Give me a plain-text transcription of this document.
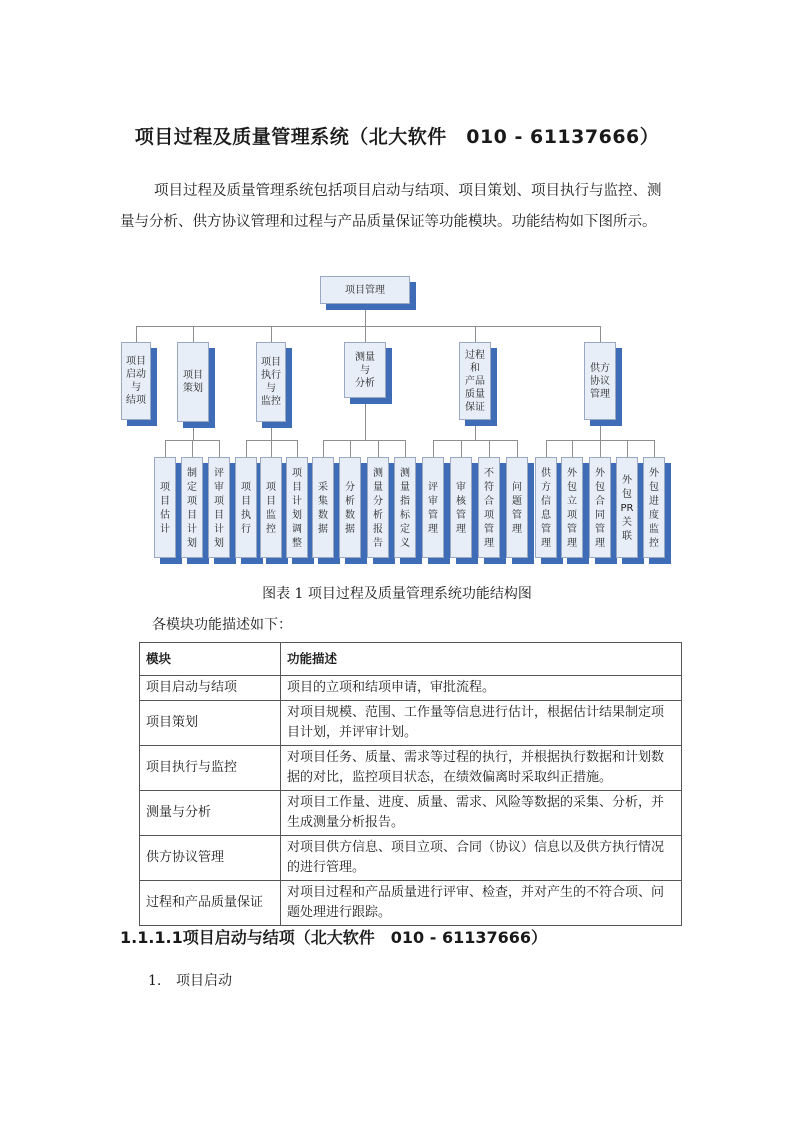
项目过程及质量管理系统（北大软件　010 - 61137666）

项目过程及质量管理系统包括项目启动与结项、项目策划、项目执行与监控、测量与分析、供方协议管理和过程与产品质量保证等功能模块。功能结构如下图所示。

项目管理
项目
启动
与
结项
项目
策划
项目
执行
与
监控
测量
与
分析
过程
和
产品
质量
保证
供方
协议
管理
项
目
估
计
制
定
项
目
计
划
评
审
项
目
计
划
项
目
执
行
项
目
监
控
项
目
计
划
调
整
采
集
数
据
分
析
数
据
测
量
分
析
报
告
测
量
指
标
定
义
评
审
管
理
审
核
管
理
不
符
合
项
管
理
问
题
管
理
供
方
信
息
管
理
外
包
立
项
管
理
外
包
合
同
管
理
外
包
PR
关
联
外
包
进
度
监
控
图表 1 项目过程及质量管理系统功能结构图
各模块功能描述如下：
模块	功能描述
项目启动与结项	项目的立项和结项申请，审批流程。
项目策划	对项目规模、范围、工作量等信息进行估计，根据估计结果制定项目计划，并评审计划。
项目执行与监控	对项目任务、质量、需求等过程的执行，并根据执行数据和计划数据的对比，监控项目状态，在绩效偏离时采取纠正措施。
测量与分析	对项目工作量、进度、质量、需求、风险等数据的采集、分析，并生成测量分析报告。
供方协议管理	对项目供方信息、项目立项、合同（协议）信息以及供方执行情况的进行管理。
过程和产品质量保证	对项目过程和产品质量进行评审、检查，并对产生的不符合项、问题处理进行跟踪。
1.1.1.1项目启动与结项（北大软件　010 - 61137666）
1. 项目启动
